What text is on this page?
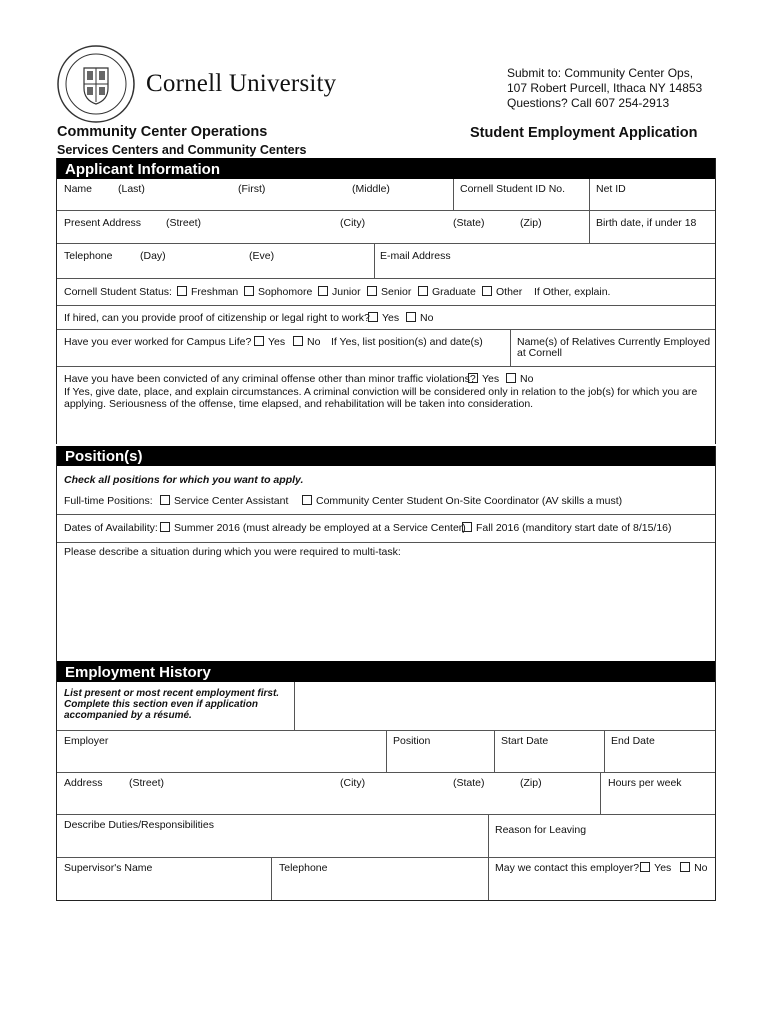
Cornell University	Submit to: Community Center Ops,
107 Robert Purcell, Ithaca NY 14853
Questions? Call 607 254-2913
Community Center Operations
Services Centers and Community Centers
Student Employment Application
Applicant Information
Name (Last)	(First)	(Middle)	Cornell Student ID No.	Net ID
Present Address (Street)	(City)	(State)	(Zip)	Birth date, if under 18
Telephone	(Day)	(Eve)	E-mail Address
Cornell Student Status:	Freshman	Sophomore	Junior	Senior	Graduate	Other If Other, explain.
If hired, can you provide proof of citizenship or legal right to work?	Yes	No
Have you ever worked for Campus Life?	Yes	No If Yes, list position(s) and date(s)	Name(s) of Relatives Currently Employed
at Cornell
Have you have been convicted of any criminal offense other than minor traffic violations? Yes	No
If Yes, give date, place, and explain circumstances. A criminal conviction will be considered only in relation to the job(s) for which you are
applying. Seriousness of the offense, time elapsed, and rehabilitation will be taken into consideration.
Position(s)
Check all positions for which you want to apply.
Full-time Positions:	Service Center Assistant	Community Center Student On-Site Coordinator (AV skills a must)
Dates of Availability:	Summer 2016 (must already be employed at a Service Center) Fall 2016 (manditory start date of 8/15/16)
Please describe a situation during which you were required to multi-task:
Employment History
List present or most recent employment first.
Complete this section even if application
accompanied by a résumé.
Employer	Position	Start Date	End Date
Address	(Street)	(City)	(State)	(Zip)	Hours per week
Describe Duties/Responsibilities	Reason for Leaving
Supervisor's Name	Telephone	May we contact this employer? Yes No
